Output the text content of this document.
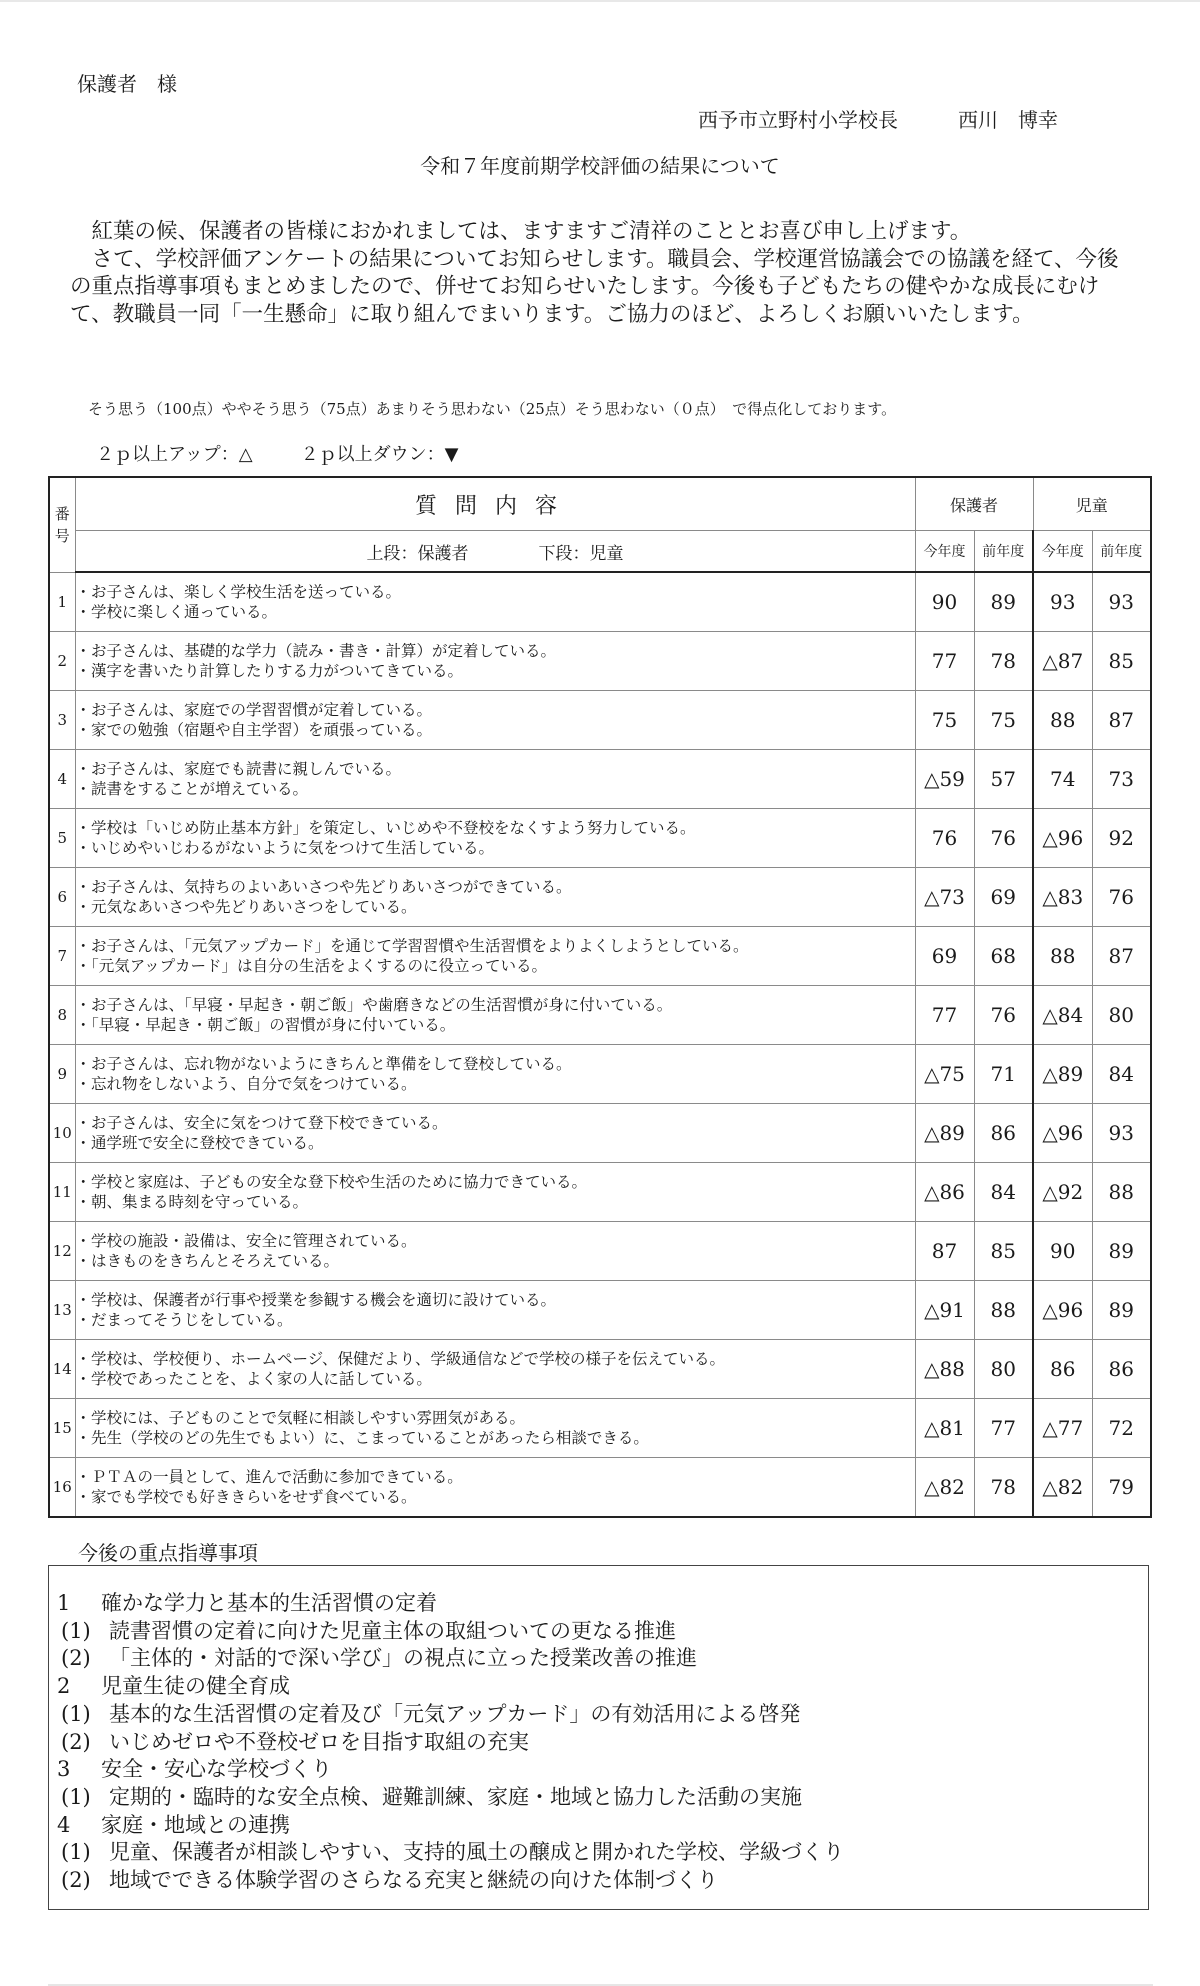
保護者　様
西予市立野村小学校長	西川　博幸
令和７年度前期学校評価の結果について

　紅葉の候、保護者の皆様におかれましては、ますますご清祥のこととお喜び申し上げます。

　さて、学校評価アンケートの結果についてお知らせします。職員会、学校運営協議会での協議を経て、今後の重点指導事項もまとめましたので、併せてお知らせいたします。今後も子どもたちの健やかな成長にむけて、教職員一同「一生懸命」に取り組んでまいります。ご協力のほど、よろしくお願いいたします。

そう思う（100点）ややそう思う（75点）あまりそう思わない（25点）そう思わない（０点）　で得点化しております。
２ｐ以上アップ：△	２ｐ以上ダウン：▼
番号	質問内容	保護者		児童	
	上段：保護者 下段：児童	今年度	前年度	今年度	前年度
1	・お子さんは、楽しく学校生活を送っている。
・学校に楽しく通っている。	90	89	93	93
2	・お子さんは、基礎的な学力（読み・書き・計算）が定着している。
・漢字を書いたり計算したりする力がついてきている。	77	78	△87	85
3	・お子さんは、家庭での学習習慣が定着している。
・家での勉強（宿題や自主学習）を頑張っている。	75	75	88	87
4	・お子さんは、家庭でも読書に親しんでいる。
・読書をすることが増えている。	△59	57	74	73
5	・学校は「いじめ防止基本方針」を策定し、いじめや不登校をなくすよう努力している。
・いじめやいじわるがないように気をつけて生活している。	76	76	△96	92
6	・お子さんは、気持ちのよいあいさつや先どりあいさつができている。
・元気なあいさつや先どりあいさつをしている。	△73	69	△83	76
7	・お子さんは、「元気アップカード」を通じて学習習慣や生活習慣をよりよくしようとしている。
・「元気アップカード」は自分の生活をよくするのに役立っている。	69	68	88	87
8	・お子さんは、「早寝・早起き・朝ご飯」や歯磨きなどの生活習慣が身に付いている。
・「早寝・早起き・朝ご飯」の習慣が身に付いている。	77	76	△84	80
9	・お子さんは、忘れ物がないようにきちんと準備をして登校している。
・忘れ物をしないよう、自分で気をつけている。	△75	71	△89	84
10	・お子さんは、安全に気をつけて登下校できている。
・通学班で安全に登校できている。	△89	86	△96	93
11	・学校と家庭は、子どもの安全な登下校や生活のために協力できている。
・朝、集まる時刻を守っている。	△86	84	△92	88
12	・学校の施設・設備は、安全に管理されている。
・はきものをきちんとそろえている。	87	85	90	89
13	・学校は、保護者が行事や授業を参観する機会を適切に設けている。
・だまってそうじをしている。	△91	88	△96	89
14	・学校は、学校便り、ホームページ、保健だより、学級通信などで学校の様子を伝えている。
・学校であったことを、よく家の人に話している。	△88	80	86	86
15	・学校には、子どものことで気軽に相談しやすい雰囲気がある。
・先生（学校のどの先生でもよい）に、こまっていることがあったら相談できる。	△81	77	△77	72
16	・ＰＴＡの一員として、進んで活動に参加できている。
・家でも学校でも好ききらいをせず食べている。	△82	78	△82	79
今後の重点指導事項
1 確かな学力と基本的生活習慣の定着
(1) 読書習慣の定着に向けた児童主体の取組ついての更なる推進
(2) 「主体的・対話的で深い学び」の視点に立った授業改善の推進
2 児童生徒の健全育成
(1) 基本的な生活習慣の定着及び「元気アップカード」の有効活用による啓発
(2) いじめゼロや不登校ゼロを目指す取組の充実
3 安全・安心な学校づくり
(1) 定期的・臨時的な安全点検、避難訓練、家庭・地域と協力した活動の実施
4 家庭・地域との連携
(1) 児童、保護者が相談しやすい、支持的風土の醸成と開かれた学校、学級づくり
(2) 地域でできる体験学習のさらなる充実と継続の向けた体制づくり
